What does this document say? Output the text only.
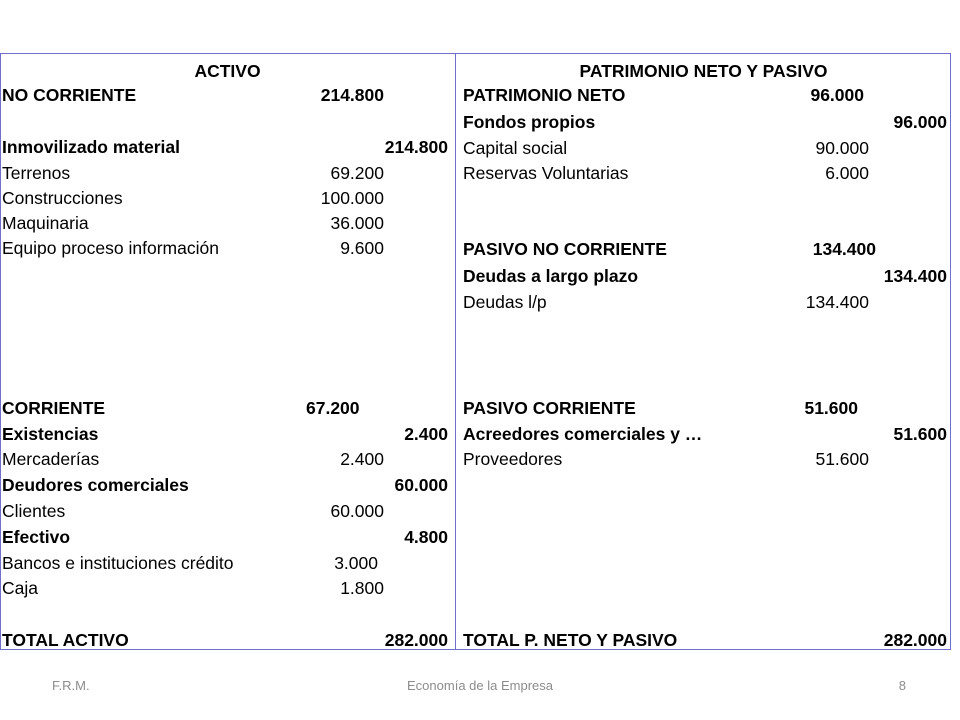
ACTIVO
NO CORRIENTE	214.800
Inmovilizado material	214.800
Terrenos	69.200
Construcciones	100.000
Maquinaria	36.000
Equipo proceso información	9.600
CORRIENTE	67.200
Existencias	2.400
Mercaderías	2.400
Deudores comerciales	60.000
Clientes	60.000
Efectivo	4.800
Bancos e instituciones crédito	3.000
Caja	1.800
TOTAL ACTIVO	282.000
PATRIMONIO NETO Y PASIVO
PATRIMONIO NETO	96.000
Fondos propios	96.000
Capital social	90.000
Reservas Voluntarias	6.000
PASIVO NO CORRIENTE	134.400
Deudas a largo plazo	134.400
Deudas l/p	134.400
PASIVO CORRIENTE	51.600
Acreedores comerciales y …	51.600
Proveedores	51.600
TOTAL P. NETO Y PASIVO	282.000
F.R.M.	Economía de la Empresa	8
